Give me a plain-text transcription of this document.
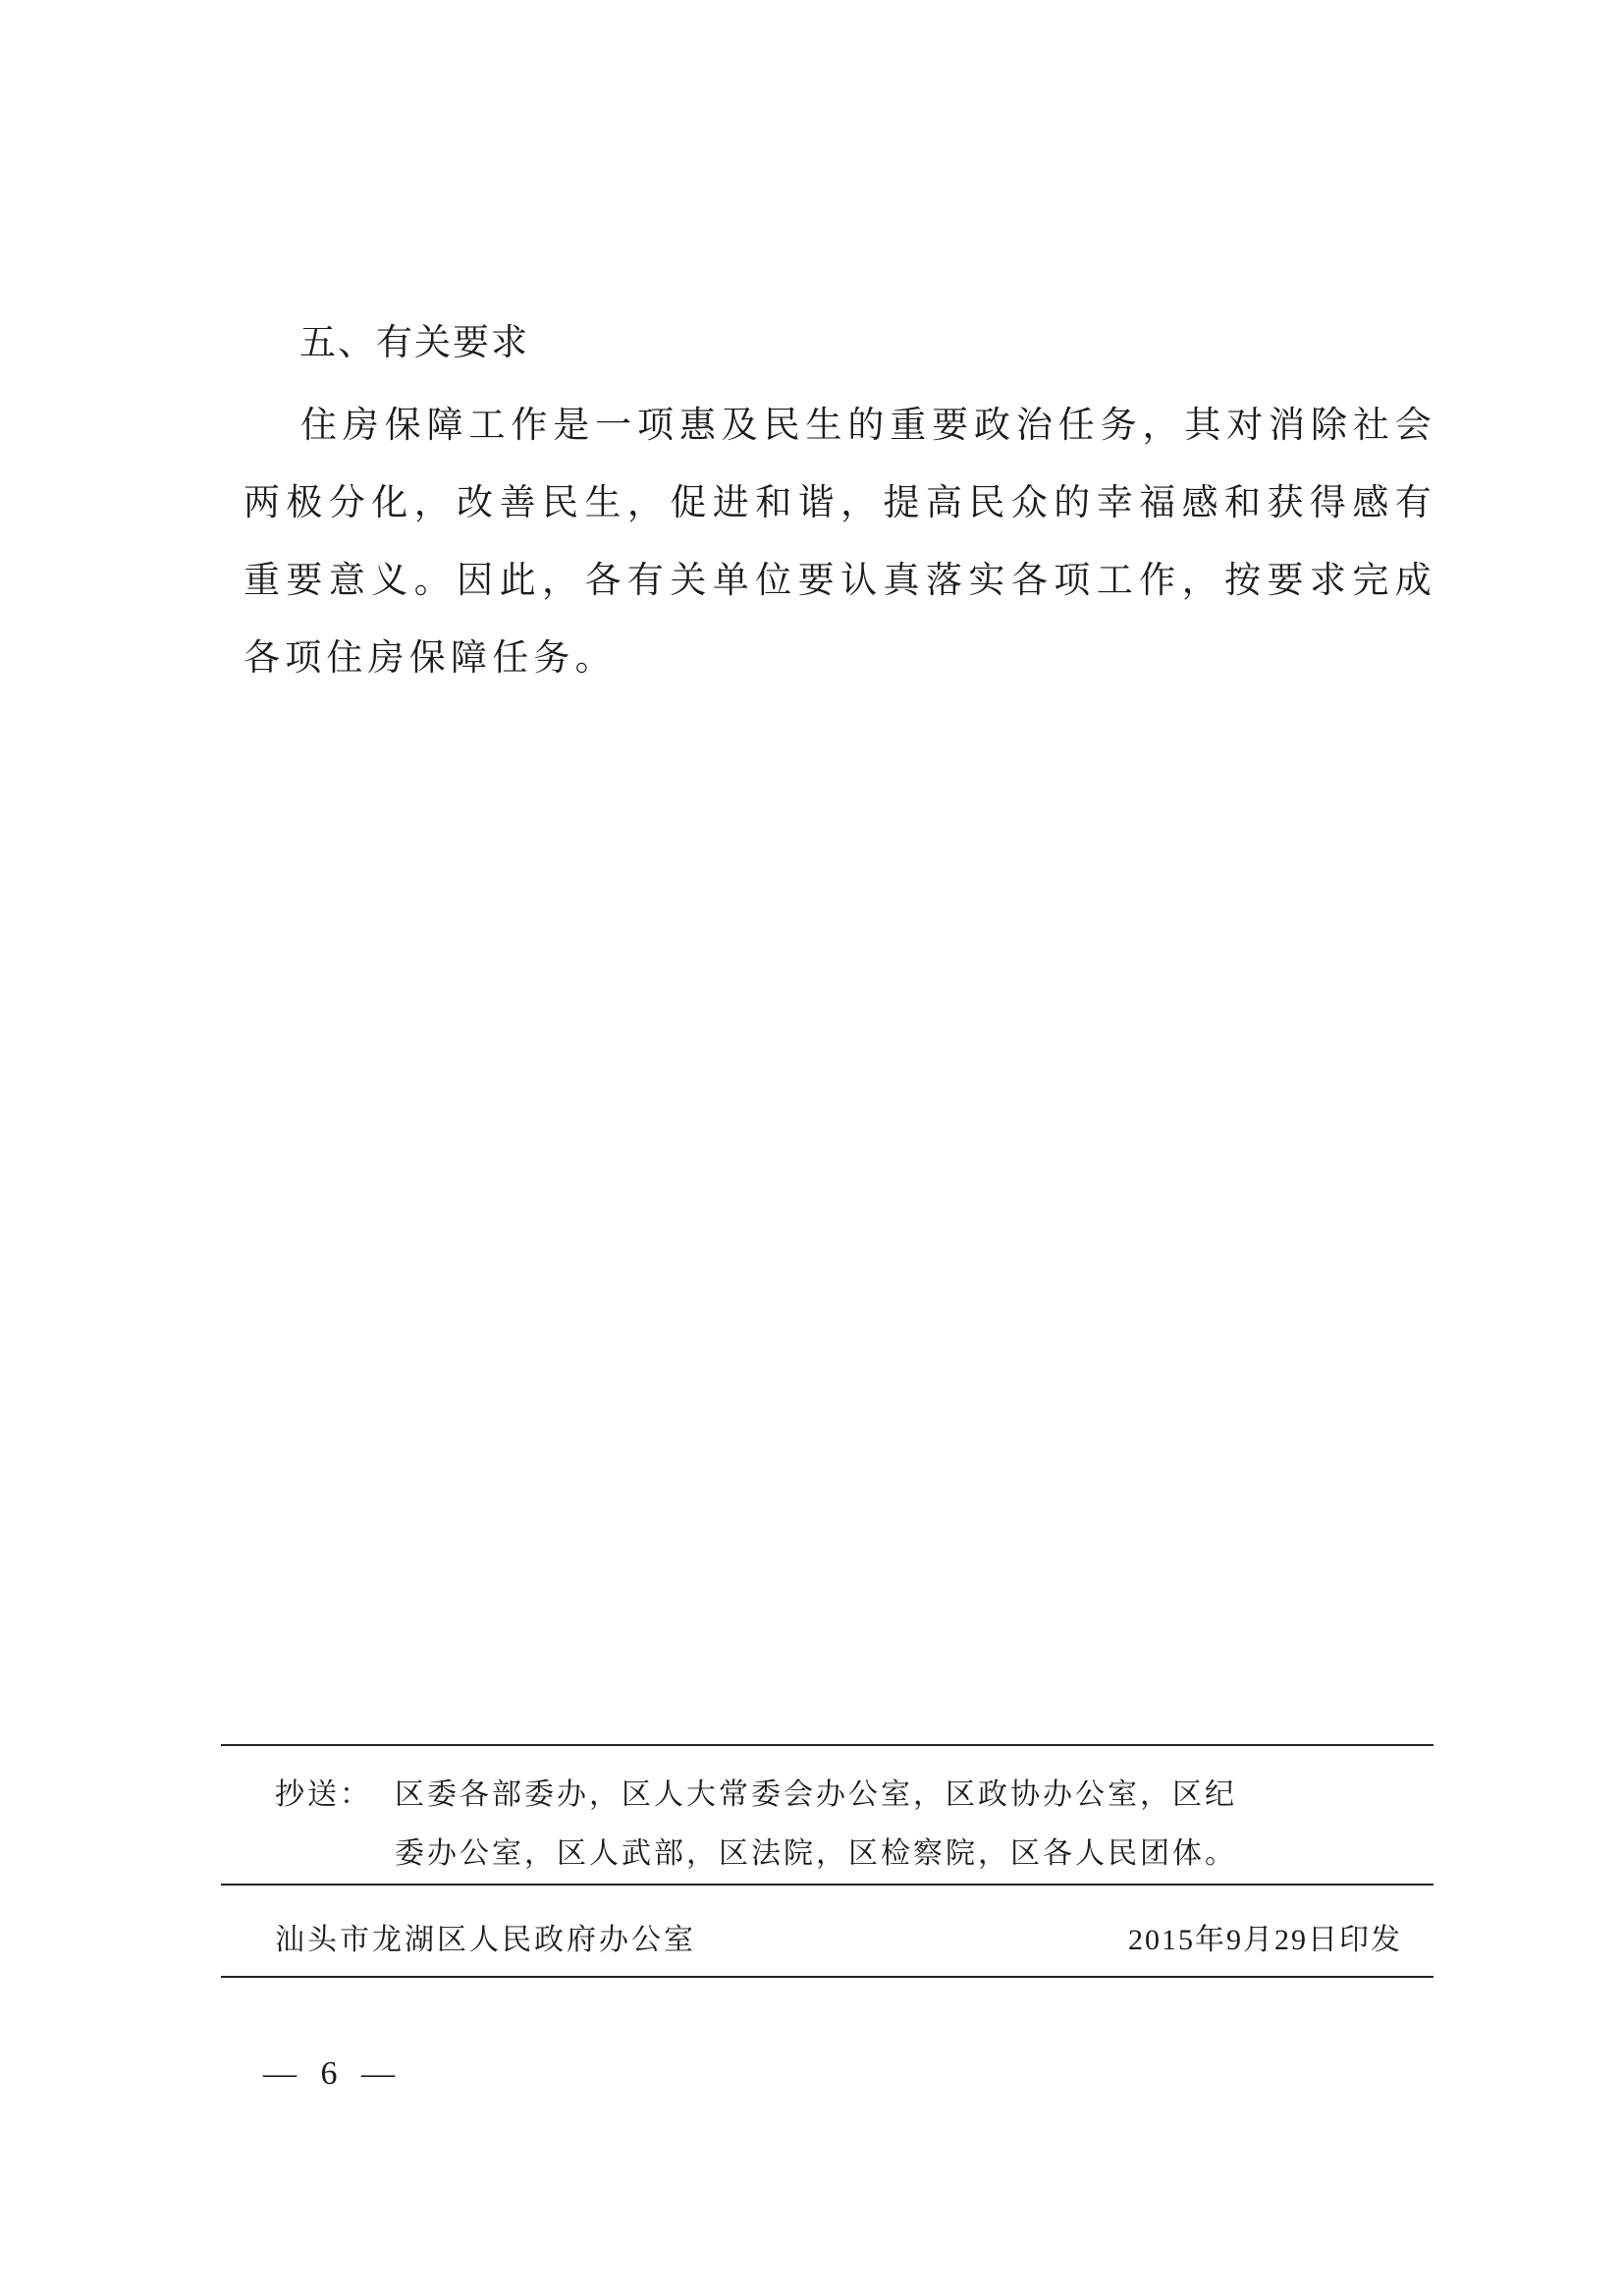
五、有关要求

住房保障工作是一项惠及民生的重要政治任务，其对消除社会两极分化，改善民生，促进和谐，提高民众的幸福感和获得感有重要意义。因此，各有关单位要认真落实各项工作，按要求完成各项住房保障任务。

抄送： 区委各部委办，区人大常委会办公室，区政协办公室，区纪
委办公室，区人武部，区法院，区检察院，区各人民团体。
汕头市龙湖区人民政府办公室	2015年9月29日印发
— 6 —
